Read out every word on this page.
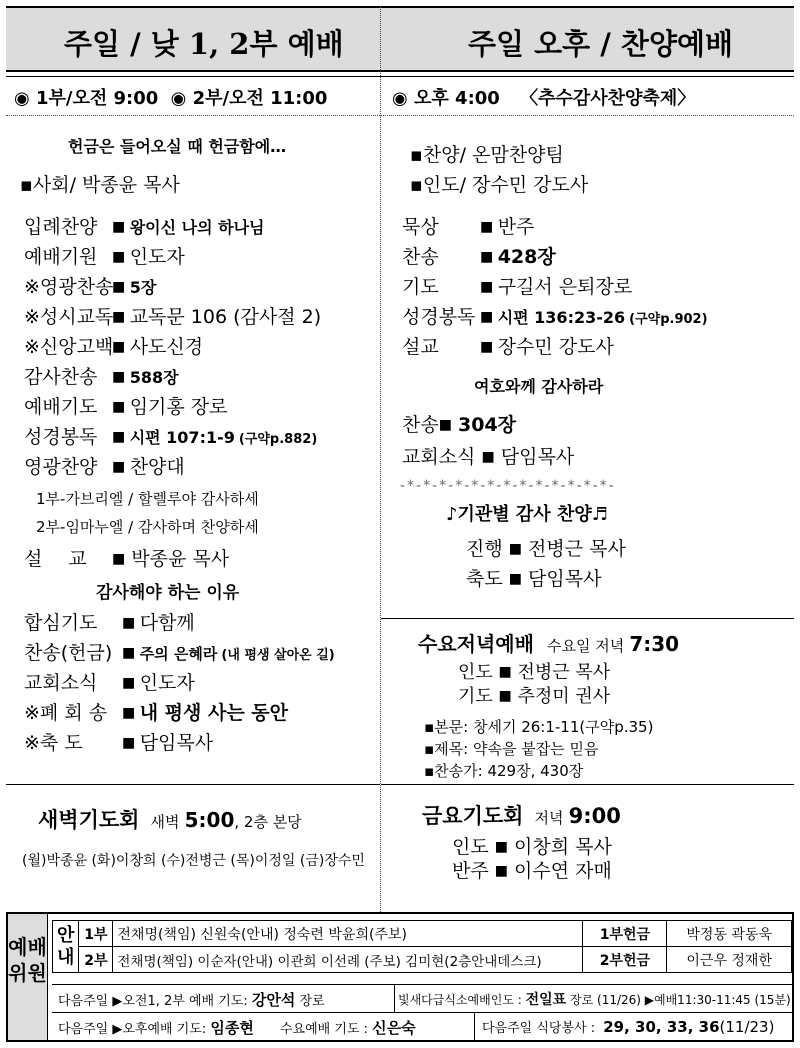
주일 / 낮 1, 2부 예배	주일 오후 / 찬양예배
◉ 1부/오전 9:00 ◉ 2부/오전 11:00	◉ 오후 4:00 〈추수감사찬양축제〉
헌금은 들어오실 때 헌금함에…
▪사회/ 박종윤 목사
입례찬양 ■ 왕이신 나의 하나님
예배기원 ■ 인도자
※영광찬송■ 5장
※성시교독■ 교독문 106 (감사절 2)
※신앙고백■ 사도신경
감사찬송 ■ 588장
예배기도 ■ 임기홍 장로
성경봉독 ■ 시편 107:1-9 (구약p.882)
영광찬양 ■ 찬양대
1부-가브리엘 / 할렐루야 감사하세
2부-임마누엘 / 감사하며 찬양하세
설 교 ■ 박종윤 목사
감사해야 하는 이유
합심기도 ■ 다함께
찬송(헌금) ■ 주의 은혜라 (내 평생 살아온 길)
교회소식 ■ 인도자
※폐 회 송 ■ 내 평생 사는 동안
※축 도	■ 담임목사
▪찬양/ 온맘찬양팀
▪인도/ 장수민 강도사
묵상	■ 반주
찬송	■ 428장
기도	■ 구길서 은퇴장로
성경봉독 ■ 시편 136:23-26 (구약p.902)
설교	■ 장수민 강도사
여호와께 감사하라
찬송■ 304장
교회소식 ■ 담임목사
-*-*-*-*-*-*-*-*-*-*-*-*-*-
♪기관별 감사 찬양♬
진행 ■ 전병근 목사
축도 ■ 담임목사
수요저녁예배 수요일 저녁 7:30
인도 ■ 전병근 목사
기도 ■ 추정미 권사
▪본문: 창세기 26:1-11(구약p.35)
▪제목: 약속을 붙잡는 믿음
▪찬송가: 429장, 430장
새벽기도회 새벽 5:00, 2층 본당
(월)박종윤 (화)이창희 (수)전병근 (목)이정일 (금)장수민
금요기도회 저녁 9:00
인도 ■ 이창희 목사
반주 ■ 이수연 자매
예배위원
안내	1부	전채명(책임) 신원숙(안내) 정숙련 박윤희(주보)	1부헌금	박정동 곽동욱
	2부	전채명(책임) 이순자(안내) 이관희 이선례 (주보) 김미현(2층안내데스크)	2부헌금	이근우 정재한
다음주일 ▶오전1, 2부 예배 기도: 강안석 장로	빛새다급식소예배인도 : 전일표 장로 (11/26) ▶예배11:30-11:45 (15분)
다음주일 ▶오후예배 기도: 임종현 수요예배 기도 : 신은숙	다음주일 식당봉사 : 29, 30, 33, 36(11/23)
